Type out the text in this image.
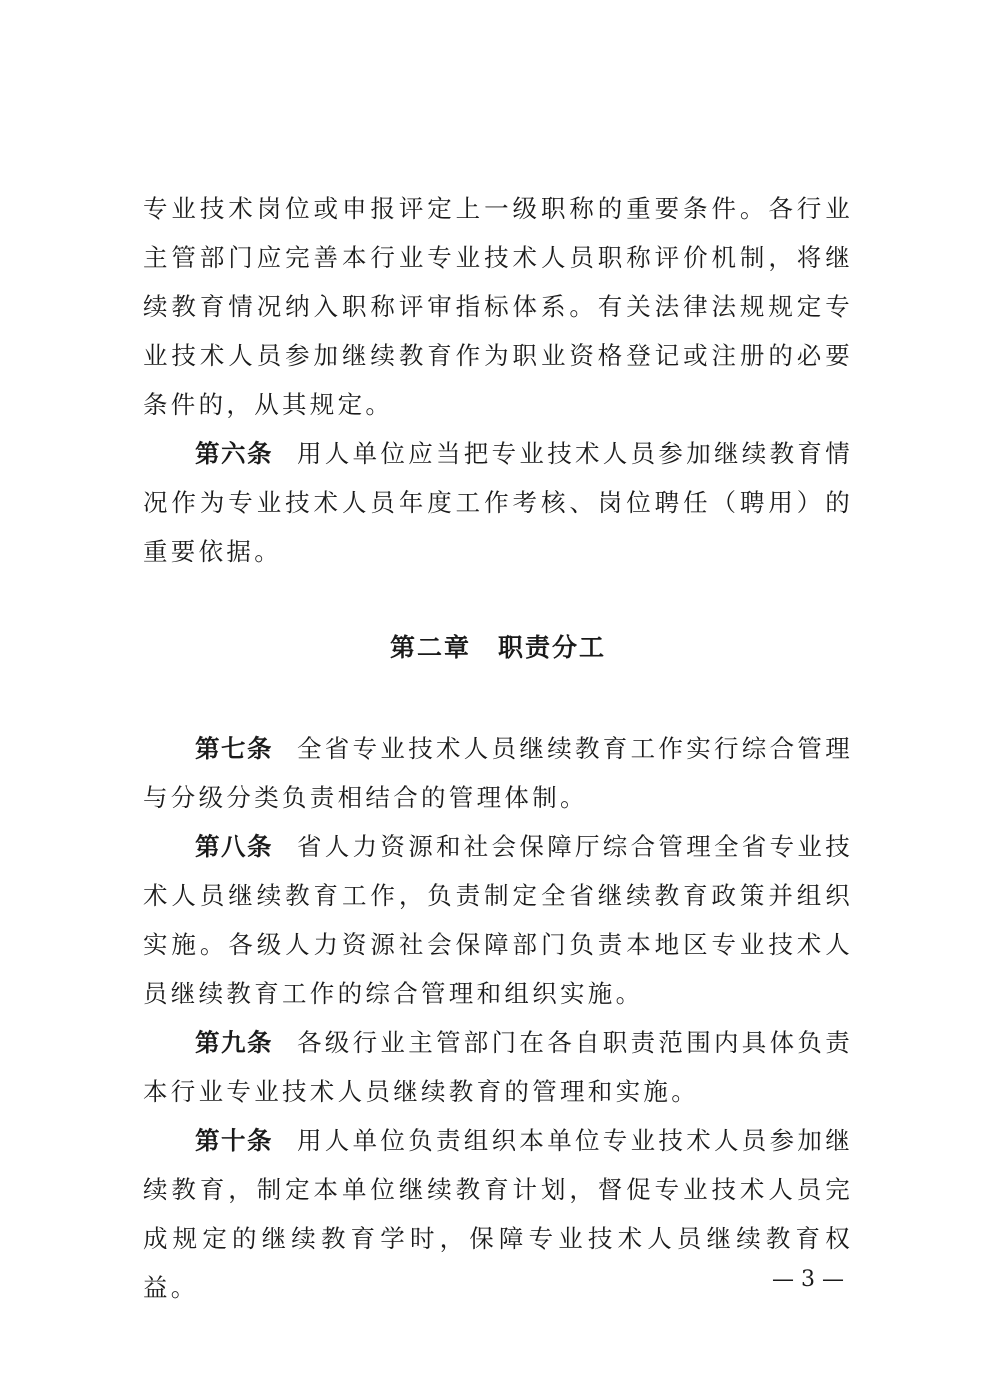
专业技术岗位或申报评定上一级职称的重要条件。各行业主管部门应完善本行业专业技术人员职称评价机制，将继续教育情况纳入职称评审指标体系。有关法律法规规定专业技术人员参加继续教育作为职业资格登记或注册的必要条件的，从其规定。

第六条 用人单位应当把专业技术人员参加继续教育情况作为专业技术人员年度工作考核、岗位聘任（聘用）的重要依据。

第二章　职责分工

第七条 全省专业技术人员继续教育工作实行综合管理与分级分类负责相结合的管理体制。

第八条 省人力资源和社会保障厅综合管理全省专业技术人员继续教育工作，负责制定全省继续教育政策并组织实施。各级人力资源社会保障部门负责本地区专业技术人员继续教育工作的综合管理和组织实施。

第九条 各级行业主管部门在各自职责范围内具体负责本行业专业技术人员继续教育的管理和实施。

第十条 用人单位负责组织本单位专业技术人员参加继续教育，制定本单位继续教育计划，督促专业技术人员完成规定的继续教育学时，保障专业技术人员继续教育权益。	— 3 —
